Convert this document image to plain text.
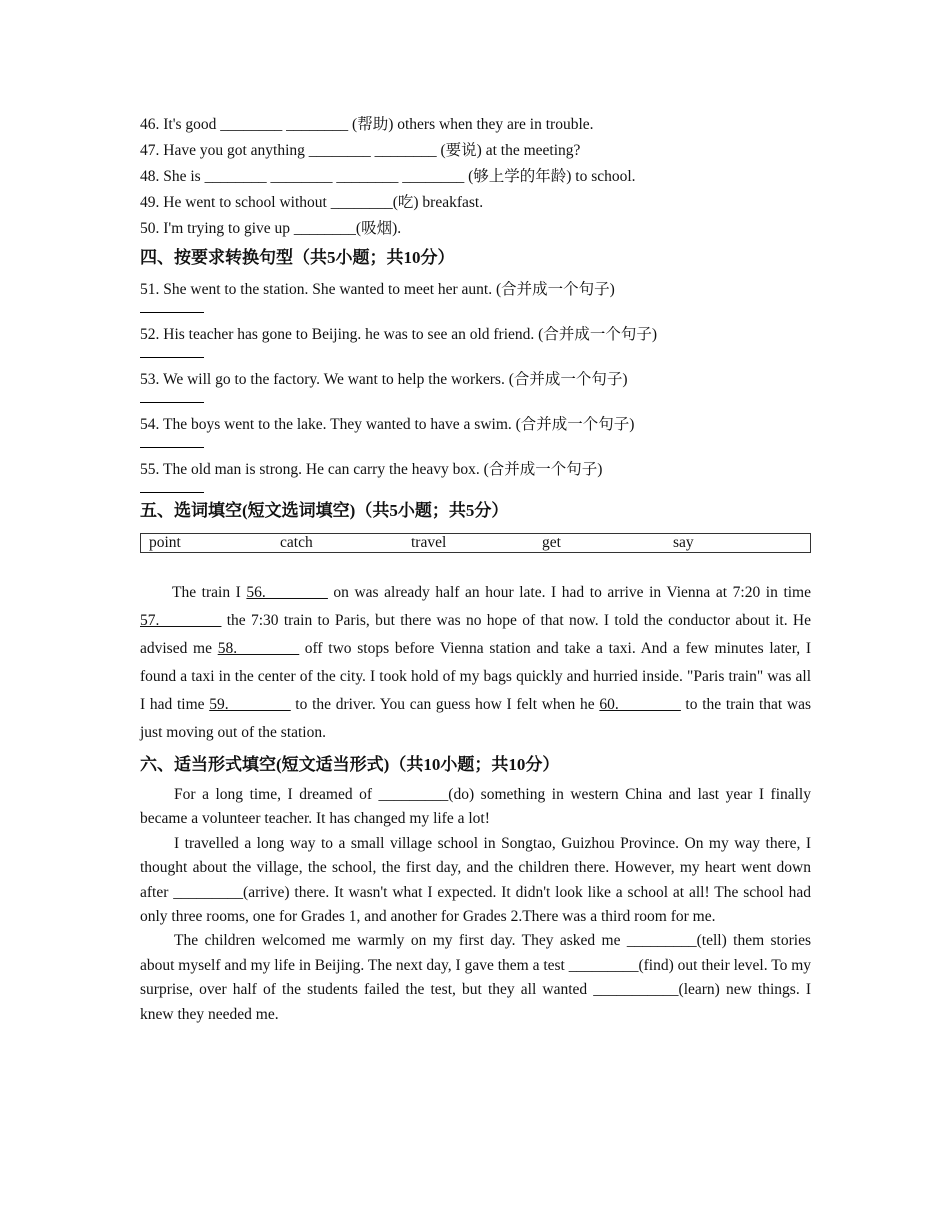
46. It's good ________ ________ (帮助) others when they are in trouble.
47. Have you got anything ________ ________ (要说) at the meeting?
48. She is ________ ________ ________ ________ (够上学的年龄) to school.
49. He went to school without ________(吃) breakfast.
50. I'm trying to give up ________(吸烟).
四、按要求转换句型（共5小题；共10分）
51. She went to the station. She wanted to meet her aunt. (合并成一个句子)
52. His teacher has gone to Beijing. he was to see an old friend. (合并成一个句子)
53. We will go to the factory. We want to help the workers. (合并成一个句子)
54. The boys went to the lake. They wanted to have a swim. (合并成一个句子)
55. The old man is strong. He can carry the heavy box. (合并成一个句子)
五、选词填空(短文选词填空)（共5小题；共5分）
point	catch	travel	get	say
The train I 56.________ on was already half an hour late. I had to arrive in Vienna at 7:20 in time 57.________ the 7:30 train to Paris, but there was no hope of that now. I told the conductor about it. He advised me 58.________ off two stops before Vienna station and take a taxi. And a few minutes later, I found a taxi in the center of the city. I took hold of my bags quickly and hurried inside. "Paris train" was all I had time 59.________ to the driver. You can guess how I felt when he 60.________ to the train that was just moving out of the station.
六、适当形式填空(短文适当形式)（共10小题；共10分）

For a long time, I dreamed of _________(do) something in western China and last year I finally became a volunteer teacher. It has changed my life a lot!

I travelled a long way to a small village school in Songtao, Guizhou Province. On my way there, I thought about the village, the school, the first day, and the children there. However, my heart went down after _________(arrive) there. It wasn't what I expected. It didn't look like a school at all! The school had only three rooms, one for Grades 1, and another for Grades 2.There was a third room for me.

The children welcomed me warmly on my first day. They asked me _________(tell) them stories about myself and my life in Beijing. The next day, I gave them a test _________(find) out their level. To my surprise, over half of the students failed the test, but they all wanted ___________(learn) new things. I knew they needed me.
